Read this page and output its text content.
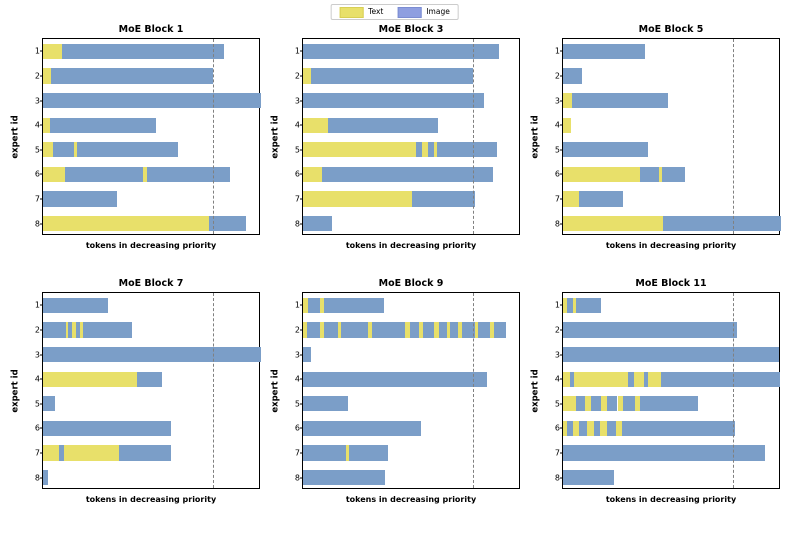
Text	Image
MoE Block 1
expert id
1
2
3
4
5
6
7
8
tokens in decreasing priority
MoE Block 3
expert id
1
2
3
4
5
6
7
8
tokens in decreasing priority
MoE Block 5
expert id
1
2
3
4
5
6
7
8
tokens in decreasing priority
MoE Block 7
expert id
1
2
3
4
5
6
7
8
tokens in decreasing priority
MoE Block 9
expert id
1
2
3
4
5
6
7
8
tokens in decreasing priority
MoE Block 11
expert id
1
2
3
4
5
6
7
8
tokens in decreasing priority
